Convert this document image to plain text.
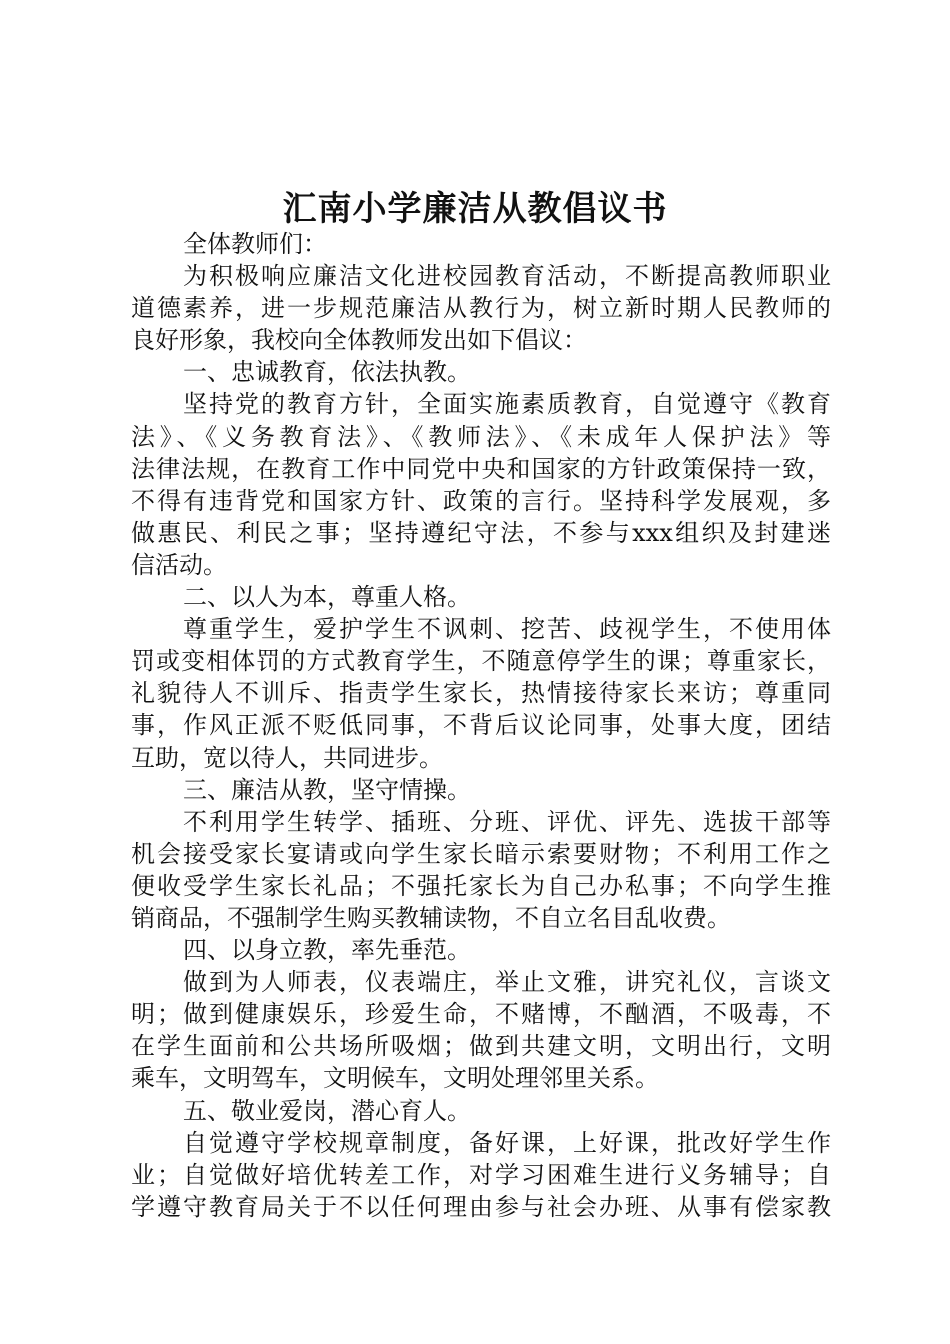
汇南小学廉洁从教倡议书
全体教师们：
为积极响应廉洁文化进校园教育活动，不断提高教师职业
道德素养，进一步规范廉洁从教行为，树立新时期人民教师的
良好形象，我校向全体教师发出如下倡议：
一、忠诚教育，依法执教。
坚持党的教育方针，全面实施素质教育，自觉遵守《教育
法》、《义务教育法》、《教师法》、《未成年人保护法》等
法律法规，在教育工作中同党中央和国家的方针政策保持一致，
不得有违背党和国家方针、政策的言行。坚持科学发展观，多
做惠民、利民之事；坚持遵纪守法，不参与xxx组织及封建迷
信活动。
二、以人为本，尊重人格。
尊重学生，爱护学生不讽刺、挖苦、歧视学生，不使用体
罚或变相体罚的方式教育学生，不随意停学生的课；尊重家长，
礼貌待人不训斥、指责学生家长，热情接待家长来访；尊重同
事，作风正派不贬低同事，不背后议论同事，处事大度，团结
互助，宽以待人，共同进步。
三、廉洁从教，坚守情操。
不利用学生转学、插班、分班、评优、评先、选拔干部等
机会接受家长宴请或向学生家长暗示索要财物；不利用工作之
便收受学生家长礼品；不强托家长为自己办私事；不向学生推
销商品，不强制学生购买教辅读物，不自立名目乱收费。
四、以身立教，率先垂范。
做到为人师表，仪表端庄，举止文雅，讲究礼仪，言谈文
明；做到健康娱乐，珍爱生命，不赌博，不酗酒，不吸毒，不
在学生面前和公共场所吸烟；做到共建文明，文明出行，文明
乘车，文明驾车，文明候车，文明处理邻里关系。
五、敬业爱岗，潜心育人。
自觉遵守学校规章制度，备好课，上好课，批改好学生作
业；自觉做好培优转差工作，对学习困难生进行义务辅导；自
学遵守教育局关于不以任何理由参与社会办班、从事有偿家教
